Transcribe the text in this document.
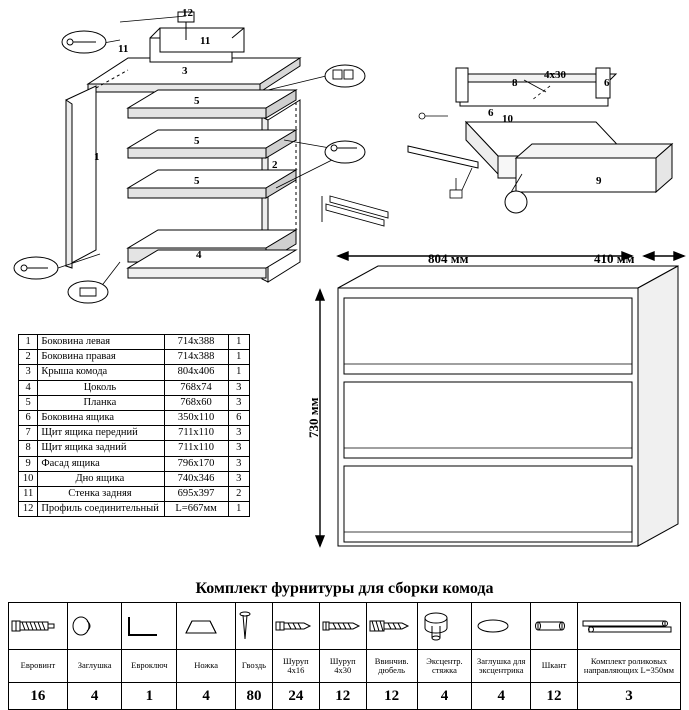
12
11
11
3
5
5
5
1
2
4
8
6
6
10
9
4х30
804 мм	410 мм
730 мм
1	Боковина левая	714х388	1
2	Боковина правая	714х388	1
3	Крыша комода	804х406	1
4	Цоколь	768х74	3
5	Планка	768х60	3
6	Боковина ящика	350х110	6
7	Щит ящика передний	711х110	3
8	Щит ящика задний	711х110	3
9	Фасад ящика	796х170	3
10	Дно ящика	740х346	3
11	Стенка задняя	695х397	2
12	Профиль соединительный	L=667мм	1
Комплект фурнитуры для сборки комода

Евровинт	Заглушка	Евроключ	Ножка	Гвоздь	Шуруп 4х16	Шуруп 4х30	Ввинчив. дюбель	Эксцентр. стяжка	Заглушка для эксцентрика	Шкант	Комплект роликовых направляющих L=350мм
16	4	1	4	80	24	12	12	4	4	12	3
